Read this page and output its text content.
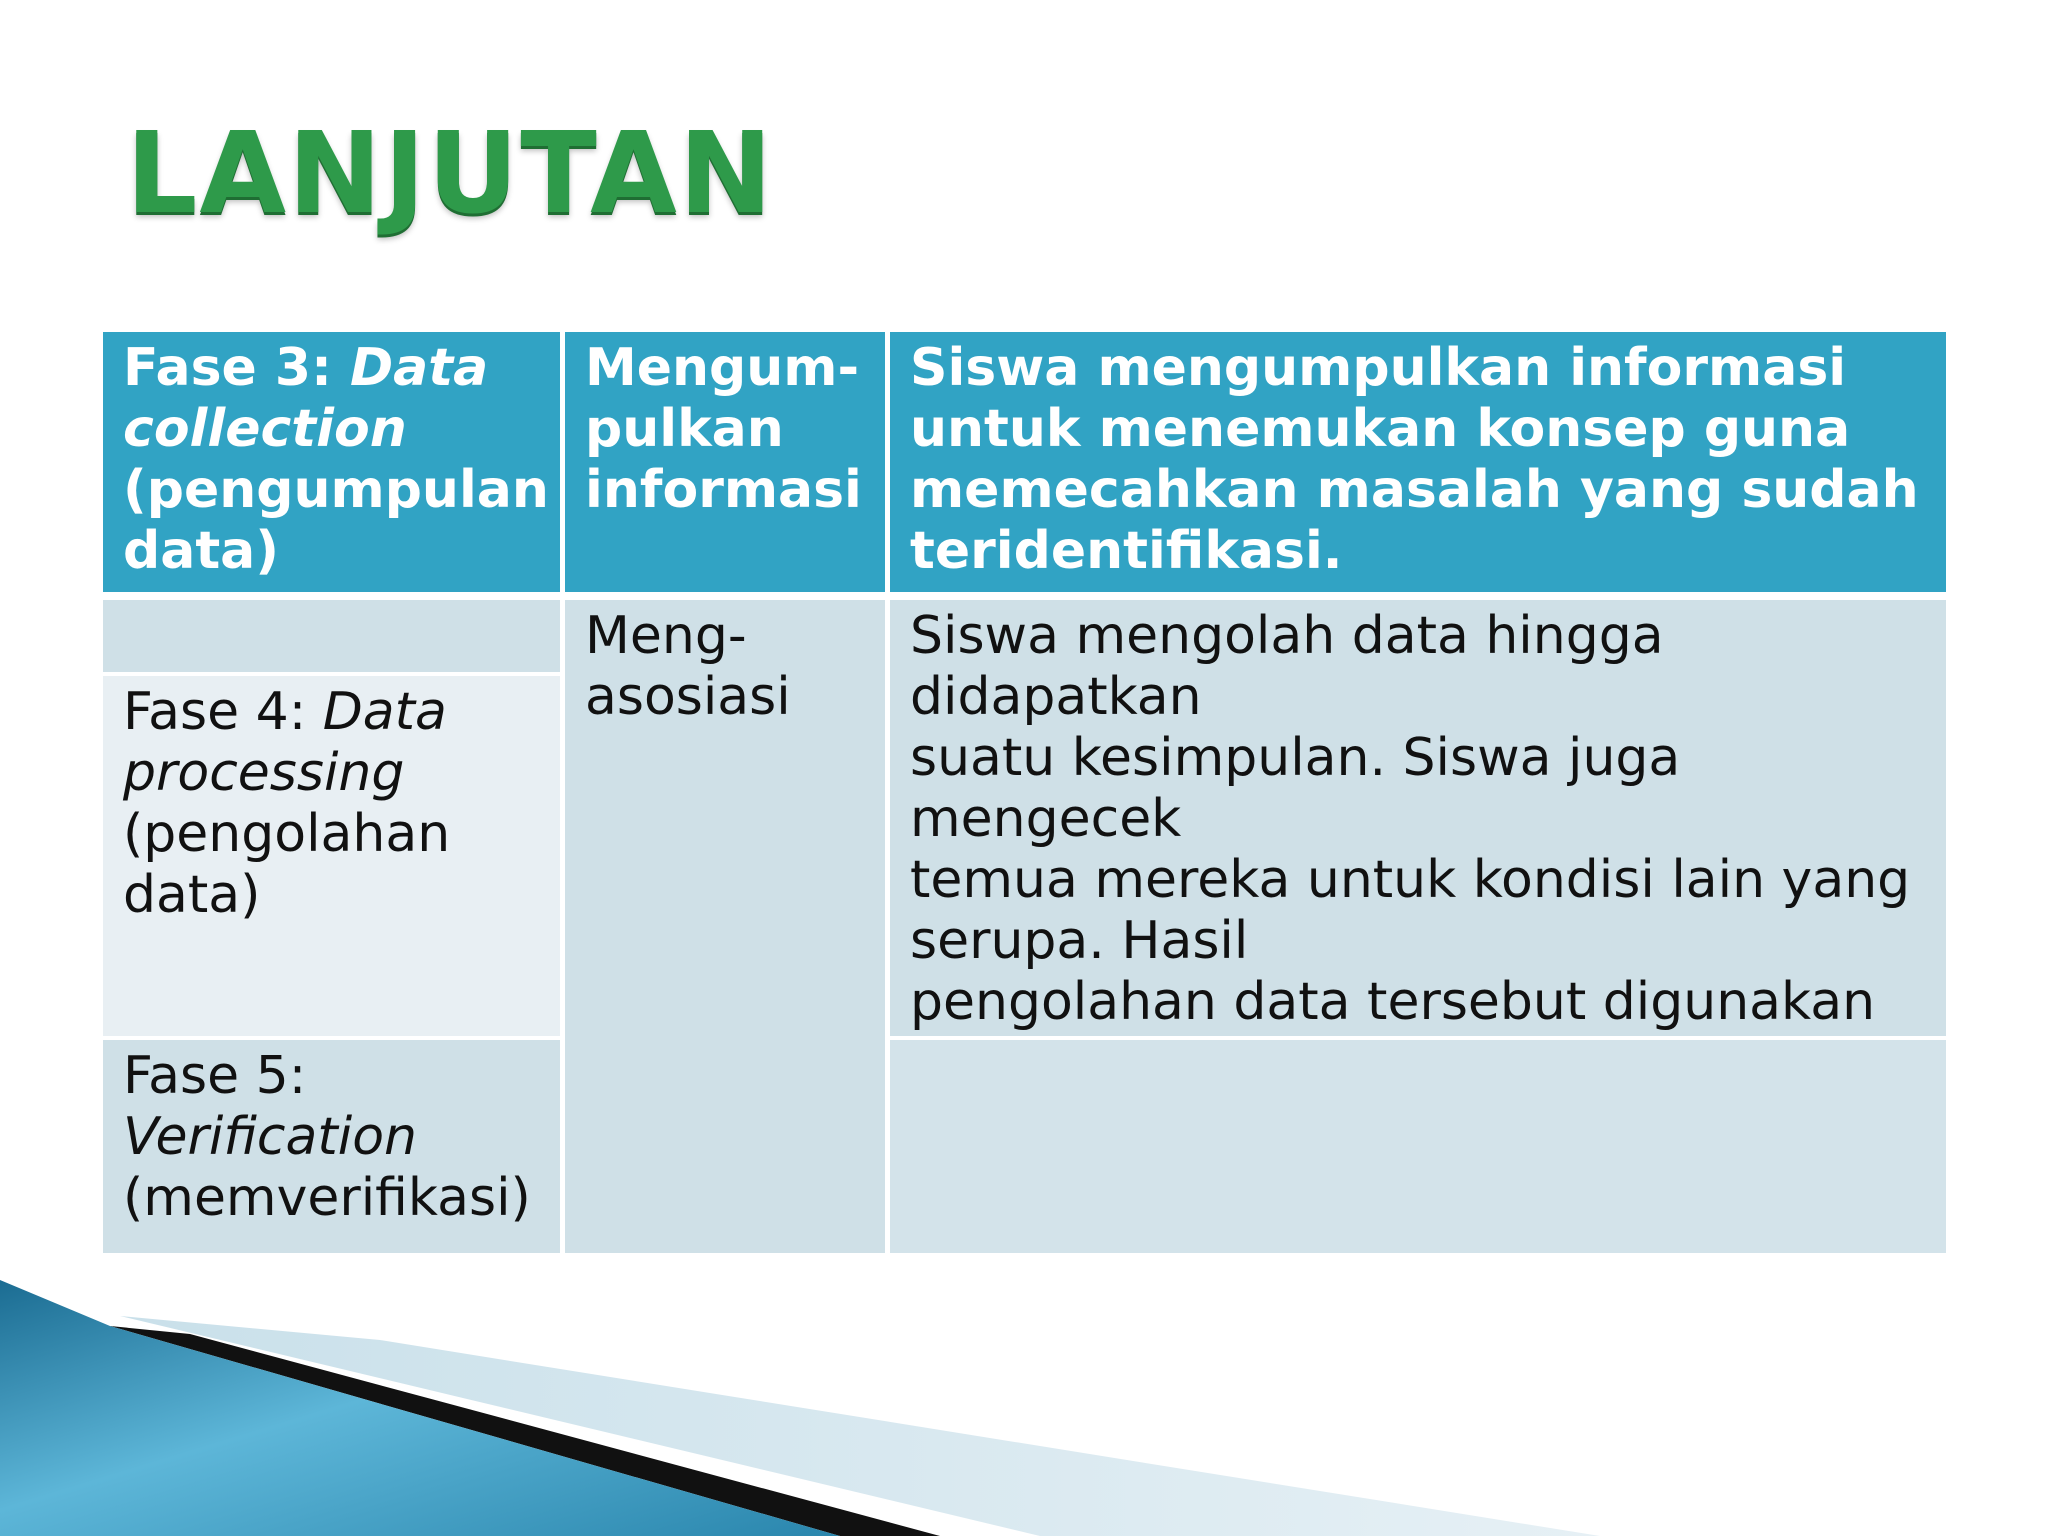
LANJUTAN
Fase 3: Data
collection
(pengumpulan
data)
Mengum-
pulkan
informasi
Siswa mengumpulkan informasi
untuk menemukan konsep guna
memecahkan masalah yang sudah
teridentifikasi.
Fase 4: Data
processing
(pengolahan
data)
Meng-
asosiasi
Siswa mengolah data hingga didapatkan
suatu kesimpulan. Siswa juga mengecek
temua mereka untuk kondisi lain yang
serupa. Hasil
pengolahan data tersebut digunakan
Fase 5:
Verification
(memverifikasi)
